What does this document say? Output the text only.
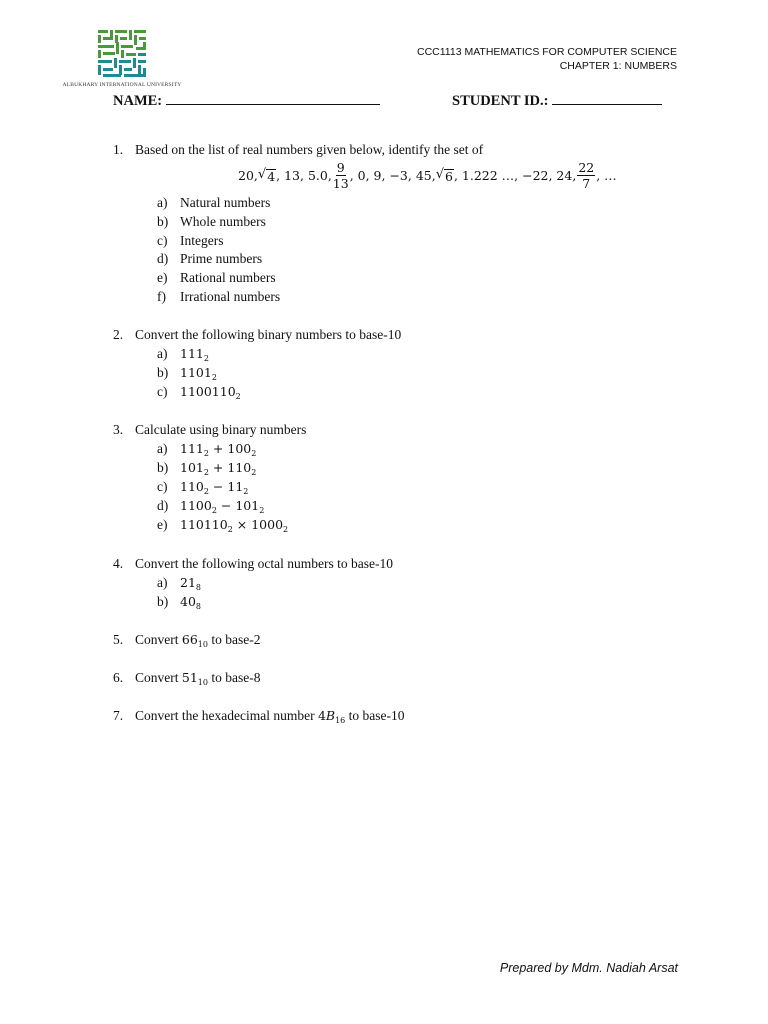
ALBUKHARY INTERNATIONAL UNIVERSITY
CCC1113 MATHEMATICS FOR COMPUTER SCIENCE
CHAPTER 1: NUMBERS
NAME:	STUDENT ID.:
1. Based on the list of real numbers given below, identify the set of
20, √ 4 , 13, 5.0, $\frac{9}{13}$ , 0, 9, −3, 45, √ 6 , 1.222 …, −22, 24, $\frac{22}{7}$ , …
a) Natural numbers
b) Whole numbers
c) Integers
d) Prime numbers
e) Rational numbers
f) Irrational numbers
2. Convert the following binary numbers to base-10
a) $111_2$
b) $1101_2$
c) $1100110_2$
3. Calculate using binary numbers
a) $111_2 + 100_2$
b) $101_2 + 110_2$
c) $110_2 - 11_2$
d) $1100_2 - 101_2$
e) $110110_2 \times 1000_2$
4. Convert the following octal numbers to base-10
a) $21_8$
b) $40_8$
5. Convert $66_{10}$ to base-2
6. Convert $51_{10}$ to base-8
7. Convert the hexadecimal number $4B_{16}$ to base-10
Prepared by Mdm. Nadiah Arsat
